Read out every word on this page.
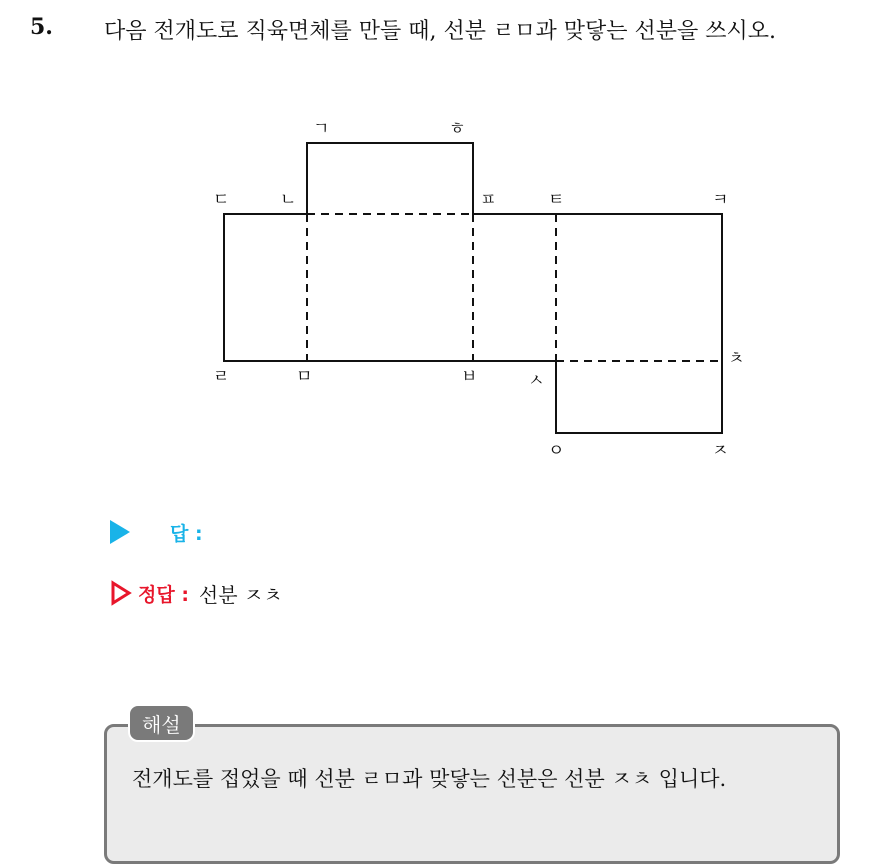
5. 다음 전개도로 직육면체를 만들 때, 선분 ㄹㅁ과 맞닿는 선분을 쓰시오.
ㄱ	ㅎ
ㄷ	ㄴ	ㅍ	ㅌ	ㅋ
ㄹ	ㅁ	ㅂ	ㅅ
ㅊ
ㅇ	ㅈ
답 :
정답 : 선분 ㅈㅊ
해설
전개도를 접었을 때 선분 ㄹㅁ과 맞닿는 선분은 선분 ㅈㅊ 입니다.
